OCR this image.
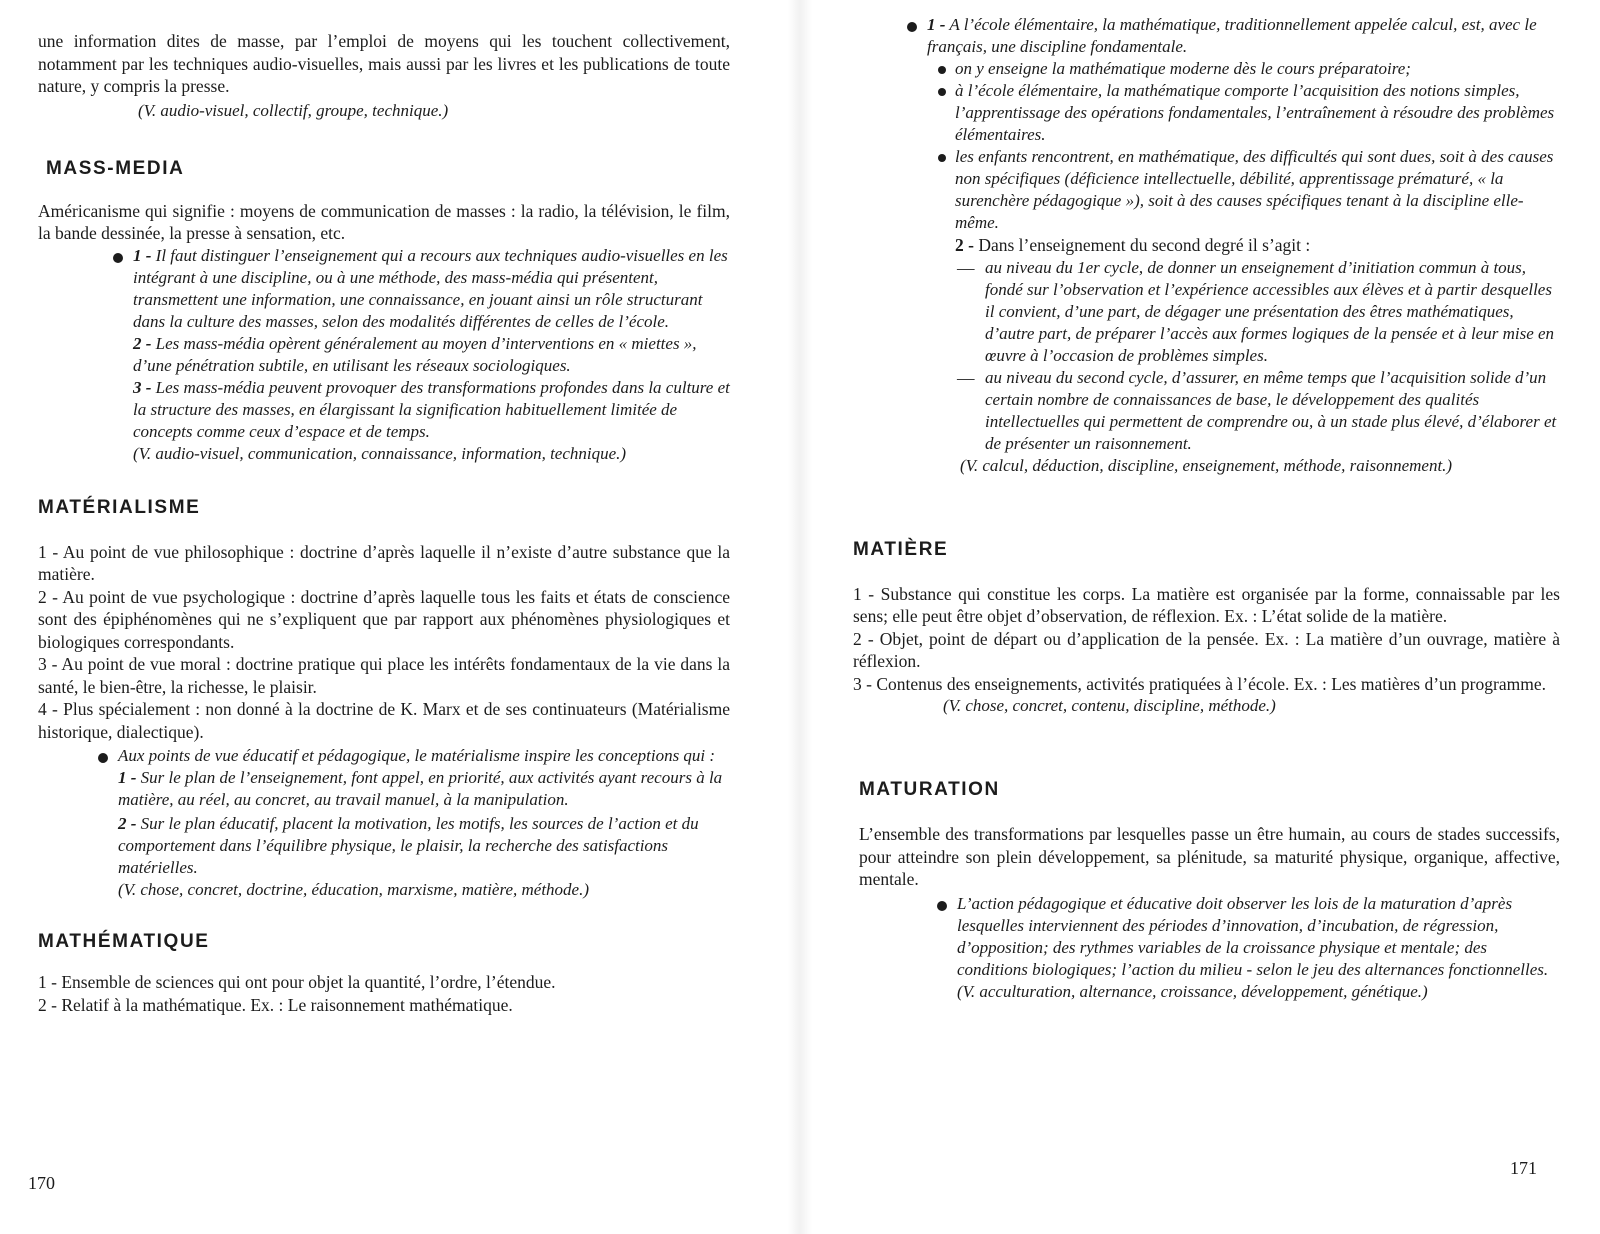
une information dites de masse, par l’emploi de moyens qui les touchent collectivement, notamment par les techniques audio-visuelles, mais aussi par les livres et les publications de toute nature, y compris la presse.

(V. audio-visuel, collectif, groupe, technique.)

MASS-MEDIA

Américanisme qui signifie : moyens de communication de masses : la radio, la télévision, le film, la bande dessinée, la presse à sensation, etc.

1 - Il faut distinguer l’enseignement qui a recours aux techniques audio-visuelles en les intégrant à une discipline, ou à une méthode, des mass-média qui présentent, transmettent une information, une connaissance, en jouant ainsi un rôle structurant dans la culture des masses, selon des modalités différentes de celles de l’école.

2 - Les mass-média opèrent généralement au moyen d’interventions en « miettes », d’une pénétration subtile, en utilisant les réseaux sociologiques.

3 - Les mass-média peuvent provoquer des transformations profondes dans la culture et la structure des masses, en élargissant la signification habituellement limitée de concepts comme ceux d’espace et de temps.

(V. audio-visuel, communication, connaissance, information, technique.)

MATÉRIALISME

1 - Au point de vue philosophique : doctrine d’après laquelle il n’existe d’autre substance que la matière.

2 - Au point de vue psychologique : doctrine d’après laquelle tous les faits et états de conscience sont des épiphénomènes qui ne s’expliquent que par rapport aux phénomènes physiologiques et biologiques correspondants.

3 - Au point de vue moral : doctrine pratique qui place les intérêts fondamentaux de la vie dans la santé, le bien-être, la richesse, le plaisir.

4 - Plus spécialement : non donné à la doctrine de K. Marx et de ses continuateurs (Matérialisme historique, dialectique).

Aux points de vue éducatif et pédagogique, le matérialisme inspire les conceptions qui :

1 - Sur le plan de l’enseignement, font appel, en priorité, aux activités ayant recours à la matière, au réel, au concret, au travail manuel, à la manipulation.

2 - Sur le plan éducatif, placent la motivation, les motifs, les sources de l’action et du comportement dans l’équilibre physique, le plaisir, la recherche des satisfactions matérielles.

(V. chose, concret, doctrine, éducation, marxisme, matière, méthode.)

MATHÉMATIQUE

1 - Ensemble de sciences qui ont pour objet la quantité, l’ordre, l’étendue.

2 - Relatif à la mathématique. Ex. : Le raisonnement mathématique.

170

1 - A l’école élémentaire, la mathématique, traditionnellement appelée calcul, est, avec le français, une discipline fondamentale.

on y enseigne la mathématique moderne dès le cours préparatoire;

à l’école élémentaire, la mathématique comporte l’acquisition des notions simples, l’apprentissage des opérations fondamentales, l’entraînement à résoudre des problèmes élémentaires.

les enfants rencontrent, en mathématique, des difficultés qui sont dues, soit à des causes non spécifiques (déficience intellectuelle, débilité, apprentissage prématuré, « la surenchère pédagogique »), soit à des causes spécifiques tenant à la discipline elle-même.

2 - Dans l’enseignement du second degré il s’agit :

— au niveau du 1er cycle, de donner un enseignement d’initiation commun à tous, fondé sur l’observation et l’expérience accessibles aux élèves et à partir desquelles il convient, d’une part, de dégager une présentation des êtres mathématiques, d’autre part, de préparer l’accès aux formes logiques de la pensée et à leur mise en œuvre à l’occasion de problèmes simples.

— au niveau du second cycle, d’assurer, en même temps que l’acquisition solide d’un certain nombre de connaissances de base, le développement des qualités intellectuelles qui permettent de comprendre ou, à un stade plus élevé, d’élaborer et de présenter un raisonnement.

(V. calcul, déduction, discipline, enseignement, méthode, raisonnement.)

MATIÈRE

1 - Substance qui constitue les corps. La matière est organisée par la forme, connaissable par les sens; elle peut être objet d’observation, de réflexion. Ex. : L’état solide de la matière.

2 - Objet, point de départ ou d’application de la pensée. Ex. : La matière d’un ouvrage, matière à réflexion.

3 - Contenus des enseignements, activités pratiquées à l’école. Ex. : Les matières d’un programme.

(V. chose, concret, contenu, discipline, méthode.)

MATURATION

L’ensemble des transformations par lesquelles passe un être humain, au cours de stades successifs, pour atteindre son plein développement, sa plénitude, sa maturité physique, organique, affective, mentale.

L’action pédagogique et éducative doit observer les lois de la maturation d’après lesquelles interviennent des périodes d’innovation, d’incubation, de régression, d’opposition; des rythmes variables de la croissance physique et mentale; des conditions biologiques; l’action du milieu - selon le jeu des alternances fonctionnelles.

(V. acculturation, alternance, croissance, développement, génétique.)

171
